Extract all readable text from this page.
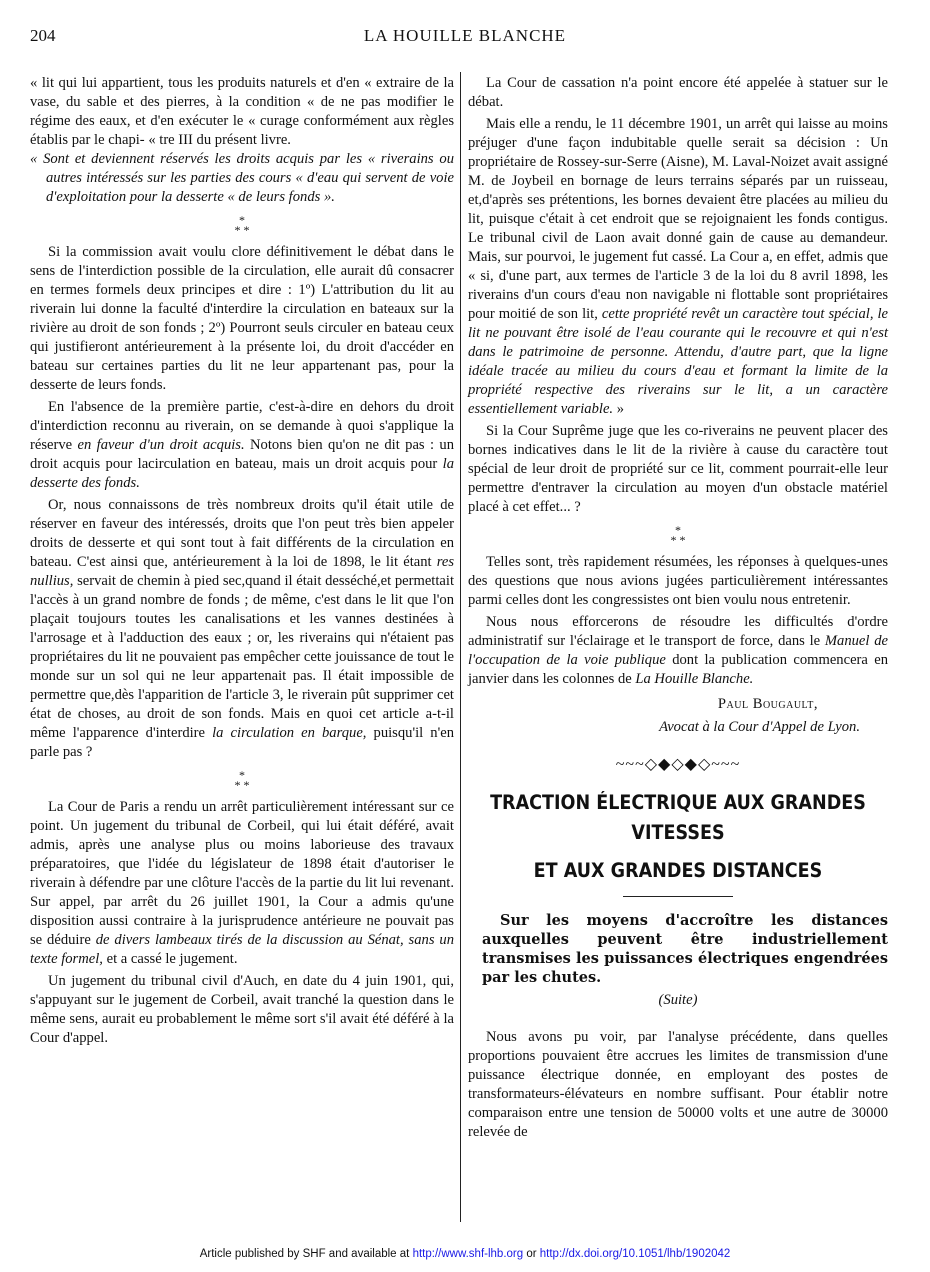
204	LA HOUILLE BLANCHE

« lit qui lui appartient, tous les produits naturels et d'en « extraire de la vase, du sable et des pierres, à la condition « de ne pas modifier le régime des eaux, et d'en exécuter le « curage conformément aux règles établis par le chapi- « tre III du présent livre.

« Sont et deviennent réservés les droits acquis par les « riverains ou autres intéressés sur les parties des cours « d'eau qui servent de voie d'exploitation pour la desserte « de leurs fonds ».

*
* *

Si la commission avait voulu clore définitivement le débat dans le sens de l'interdiction possible de la circulation, elle aurait dû consacrer en termes formels deux principes et dire : 1º) L'attribution du lit au riverain lui donne la faculté d'interdire la circulation en bateaux sur la rivière au droit de son fonds ; 2º) Pourront seuls circuler en bateau ceux qui justifieront antérieurement à la présente loi, du droit d'accéder en bateau sur certaines parties du lit ne leur appartenant pas, pour la desserte de leurs fonds.

En l'absence de la première partie, c'est-à-dire en dehors du droit d'interdiction reconnu au riverain, on se demande à quoi s'applique la réserve en faveur d'un droit acquis. Notons bien qu'on ne dit pas : un droit acquis pour lacirculation en bateau, mais un droit acquis pour la desserte des fonds.

Or, nous connaissons de très nombreux droits qu'il était utile de réserver en faveur des intéressés, droits que l'on peut très bien appeler droits de desserte et qui sont tout à fait différents de la circulation en bateau. C'est ainsi que, antérieurement à la loi de 1898, le lit étant res nullius, servait de chemin à pied sec,quand il était desséché,et permettait l'accès à un grand nombre de fonds ; de même, c'est dans le lit que l'on plaçait toujours toutes les canalisations et les vannes destinées à l'arrosage et à l'adduction des eaux ; or, les riverains qui n'étaient pas propriétaires du lit ne pouvaient pas empêcher cette jouissance de tout le monde sur un sol qui ne leur appartenait pas. Il était impossible de permettre que,dès l'apparition de l'article 3, le riverain pût supprimer cet état de choses, au droit de son fonds. Mais en quoi cet article a-t-il même l'apparence d'interdire la circulation en barque, puisqu'il n'en parle pas ?

*
* *

La Cour de Paris a rendu un arrêt particulièrement intéressant sur ce point. Un jugement du tribunal de Corbeil, qui lui était déféré, avait admis, après une analyse plus ou moins laborieuse des travaux préparatoires, que l'idée du législateur de 1898 était d'autoriser le riverain à défendre par une clôture l'accès de la partie du lit lui revenant. Sur appel, par arrêt du 26 juillet 1901, la Cour a admis qu'une disposition aussi contraire à la jurisprudence antérieure ne pouvait pas se déduire de divers lambeaux tirés de la discussion au Sénat, sans un texte formel, et a cassé le jugement.

Un jugement du tribunal civil d'Auch, en date du 4 juin 1901, qui, s'appuyant sur le jugement de Corbeil, avait tranché la question dans le même sens, aurait eu probablement le même sort s'il avait été déféré à la Cour d'appel.

La Cour de cassation n'a point encore été appelée à statuer sur le débat.

Mais elle a rendu, le 11 décembre 1901, un arrêt qui laisse au moins préjuger d'une façon indubitable quelle serait sa décision : Un propriétaire de Rossey-sur-Serre (Aisne), M. Laval-Noizet avait assigné M. de Joybeil en bornage de leurs terrains séparés par un ruisseau, et,d'après ses prétentions, les bornes devaient être placées au milieu du lit, puisque c'était à cet endroit que se rejoignaient les fonds contigus. Le tribunal civil de Laon avait donné gain de cause au demandeur. Mais, sur pourvoi, le jugement fut cassé. La Cour a, en effet, admis que « si, d'une part, aux termes de l'article 3 de la loi du 8 avril 1898, les riverains d'un cours d'eau non navigable ni flottable sont propriétaires pour moitié de son lit, cette propriété revêt un caractère tout spécial, le lit ne pouvant être isolé de l'eau courante qui le recouvre et qui n'est dans le patrimoine de personne. Attendu, d'autre part, que la ligne idéale tracée au milieu du cours d'eau et formant la limite de la propriété respective des riverains sur le lit, a un caractère essentiellement variable. »

Si la Cour Suprême juge que les co-riverains ne peuvent placer des bornes indicatives dans le lit de la rivière à cause du caractère tout spécial de leur droit de propriété sur ce lit, comment pourrait-elle leur permettre d'entraver la circulation au moyen d'un obstacle matériel placé à cet effet... ?

*
* *

Telles sont, très rapidement résumées, les réponses à quelques-unes des questions que nous avions jugées particulièrement intéressantes parmi celles dont les congressistes ont bien voulu nous entretenir.

Nous nous efforcerons de résoudre les difficultés d'ordre administratif sur l'éclairage et le transport de force, dans le Manuel de l'occupation de la voie publique dont la publication commencera en janvier dans les colonnes de La Houille Blanche.

Paul Bougault,
Avocat à la Cour d'Appel de Lyon.
~~~◇◆◇◆◇~~~
TRACTION ÉLECTRIQUE AUX GRANDES VITESSES
ET AUX GRANDES DISTANCES

Sur les moyens d'accroître les distances auxquelles peuvent être industriellement transmises les puissances électriques engendrées par les chutes.

(Suite)

Nous avons pu voir, par l'analyse précédente, dans quelles proportions pouvaient être accrues les limites de transmission d'une puissance électrique donnée, en employant des postes de transformateurs-élévateurs en nombre suffisant. Pour établir notre comparaison entre une tension de 50000 volts et une autre de 30000 relevée de

Article published by SHF and available at http://www.shf-lhb.org or http://dx.doi.org/10.1051/lhb/1902042
